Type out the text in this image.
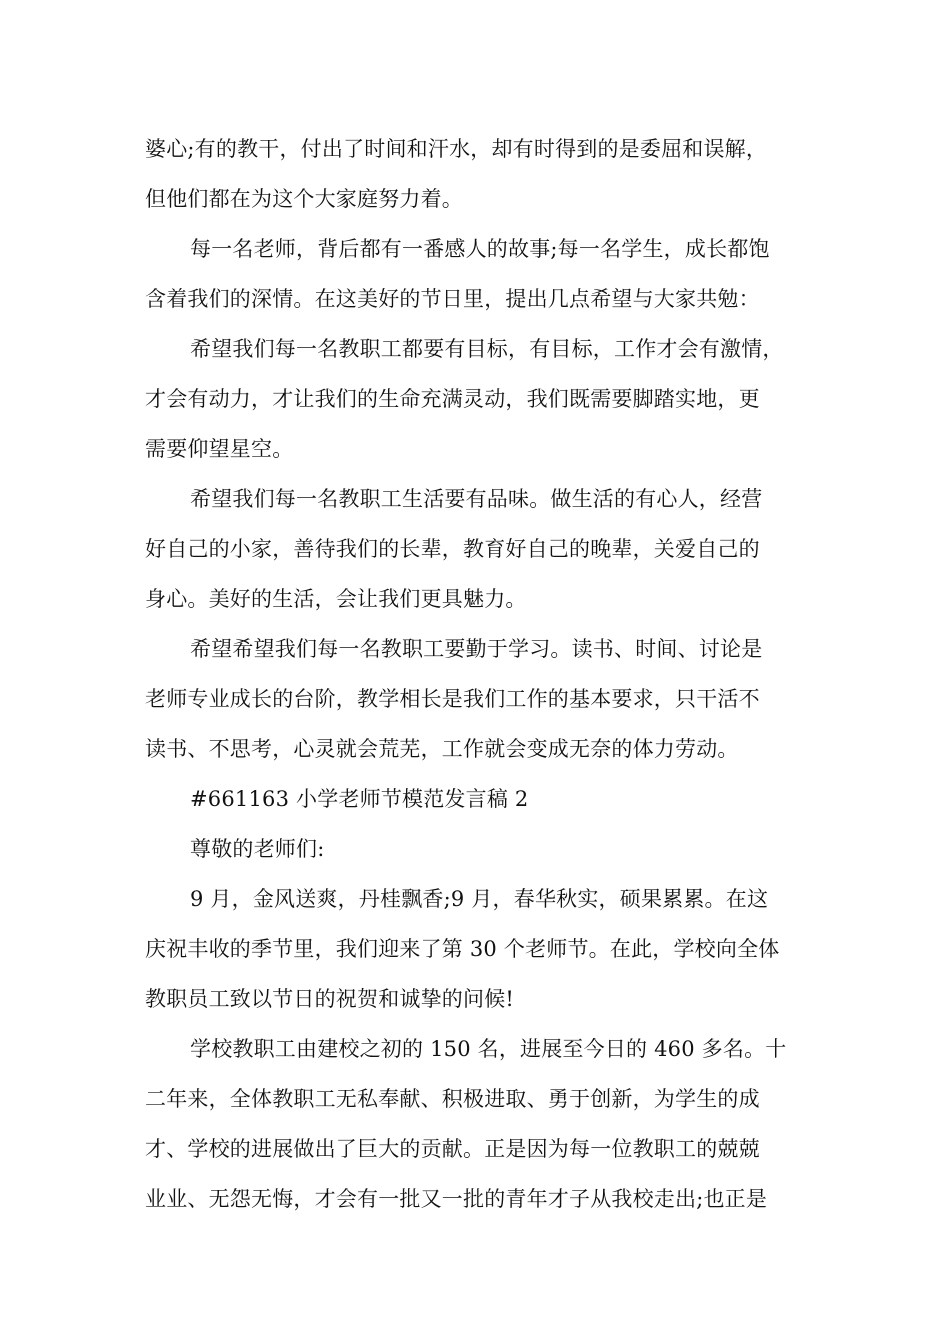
婆心;有的教干，付出了时间和汗水，却有时得到的是委屈和误解，
但他们都在为这个大家庭努力着。
每一名老师，背后都有一番感人的故事;每一名学生，成长都饱
含着我们的深情。在这美好的节日里，提出几点希望与大家共勉：
希望我们每一名教职工都要有目标，有目标，工作才会有激情，
才会有动力，才让我们的生命充满灵动，我们既需要脚踏实地，更
需要仰望星空。
希望我们每一名教职工生活要有品味。做生活的有心人，经营
好自己的小家，善待我们的长辈，教育好自己的晚辈，关爱自己的
身心。美好的生活，会让我们更具魅力。
希望希望我们每一名教职工要勤于学习。读书、时间、讨论是
老师专业成长的台阶，教学相长是我们工作的基本要求，只干活不
读书、不思考，心灵就会荒芜，工作就会变成无奈的体力劳动。
#661163 小学老师节模范发言稿 2
尊敬的老师们:
9 月，金风送爽，丹桂飘香;9 月，春华秋实，硕果累累。在这
庆祝丰收的季节里，我们迎来了第 30 个老师节。在此，学校向全体
教职员工致以节日的祝贺和诚挚的问候!
学校教职工由建校之初的 150 名，进展至今日的 460 多名。十
二年来，全体教职工无私奉献、积极进取、勇于创新，为学生的成
才、学校的进展做出了巨大的贡献。正是因为每一位教职工的兢兢
业业、无怨无悔，才会有一批又一批的青年才子从我校走出;也正是
